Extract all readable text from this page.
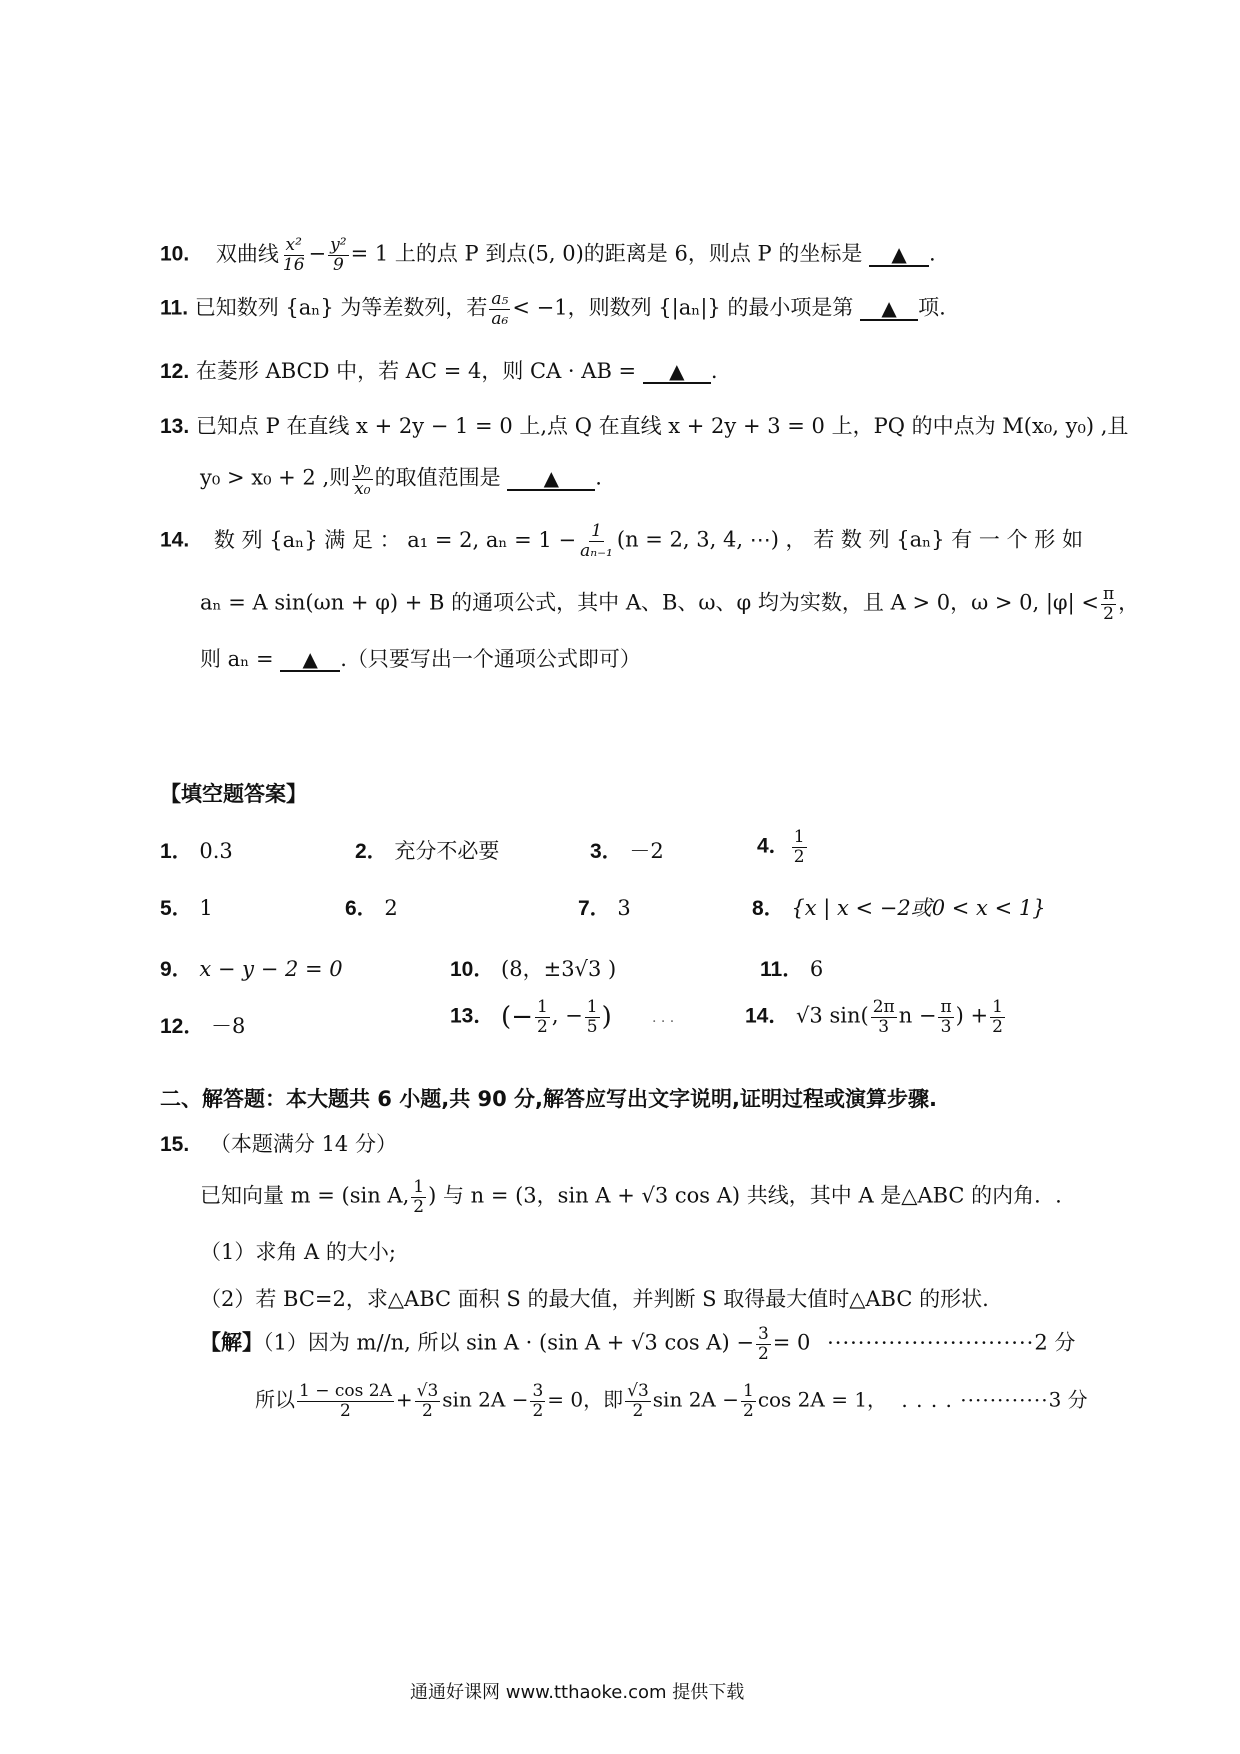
10. 双曲线 $\frac{\text{x²}}{16} - \frac{\text{y²}}{9} = 1$ 上的点 P 到点(5, 0)的距离是 6，则点 P 的坐标是 ▲ .
11. 已知数列 {aₙ} 为等差数列，若 $\frac{\text{a₅}}{\text{a₆}} < -1$，则数列 {|aₙ|} 的最小项是第 ▲ 项.
12. 在菱形 ABCD 中，若 AC = 4，则 CA · AB = ▲ .
13. 已知点 P 在直线 x + 2y − 1 = 0 上,点 Q 在直线 x + 2y + 3 = 0 上，PQ 的中点为 M(x₀, y₀) ,且
y₀ > x₀ + 2 ,则 $\frac{\text{y₀}}{\text{x₀}}$ 的取值范围是 ▲ .
14. 数 列 {aₙ} 满 足 ： a₁ = 2, $a_n = 1 - \frac{1}{\text{aₙ₋₁}} (n = 2$, 3, 4, ⋯) ， 若 数 列 {aₙ} 有 一 个 形 如
aₙ = A sin(ωn + φ) + B 的通项公式，其中 A、B、ω、φ 均为实数，且 A > 0，ω > 0, $|\varphi| < \frac{\pi}{2}$ ，
则 aₙ = ▲ .（只要写出一个通项公式即可）
【填空题答案】
1． 0.3	2． 充分不必要	3． －2	4． $\frac{1}{2}$
5． 1	6． 2	7． 3	8． {x | x < −2或0 < x < 1}
9． x − y − 2 = 0	10． (8，±3√3 )	11． 6
12． －8	13． (− $\frac{1}{2}$ , − $\frac{1}{5}$ )	. . .	14． √3 $\sin( \frac{2\pi}{3}$ $n - \frac{\pi}{3}$ ) + $\frac{1}{2}$
二、解答题：本大题共 6 小题,共 90 分,解答应写出文字说明,证明过程或演算步骤.
15. （本题满分 14 分）
已知向量 m = (sin A, $\frac{1}{2}$ ) 与 n = (3，sin A + √3 cos A) 共线，其中 A 是△ABC 的内角．.
（1）求角 A 的大小;
（2）若 BC=2，求△ABC 面积 S 的最大值，并判断 S 取得最大值时△ABC 的形状.
【解】（1）因为 m//n, 所以 sin A · (sin A + √3 $\cos A) - \frac{3}{2} = 0 \cdot\cdot\cdot\cdot\cdot\cdot\cdot\cdot\cdot\cdot\cdot\cdot\cdot\cdot\cdot\cdot\cdot\cdot\cdot\cdot\cdot\cdot\cdot\cdot\cdot\cdot\cdot 2$ 分
所以 $\frac{1 - \cos 2A}{2} + \frac{√3}{2}$ $\sin 2A - \frac{3}{2} = 0$，即 $\frac{√3}{2}$ $\sin 2A - \frac{1}{2}$ cos 2A = 1， . . . . ············3 分
通通好课网 www.tthaoke.com 提供下载
